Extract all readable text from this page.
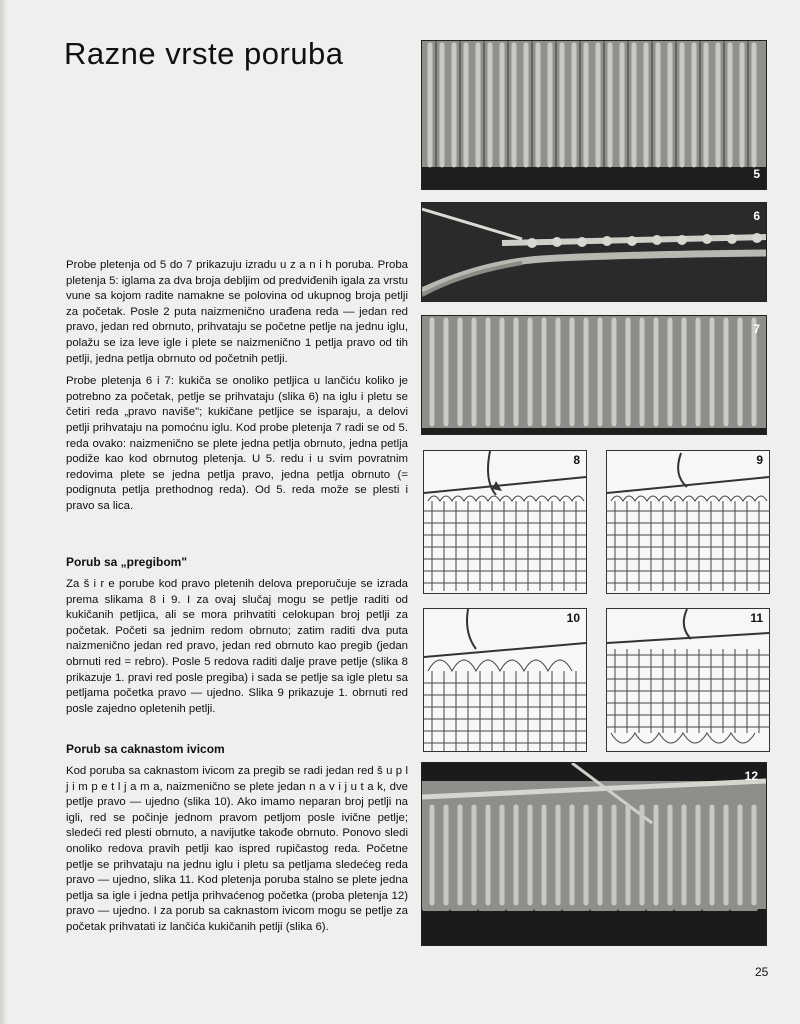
Razne vrste poruba

Probe pletenja od 5 do 7 prikazuju izradu u z a n i h poruba. Proba pletenja 5: iglama za dva broja debljim od predviđenih igala za vrstu vune sa kojom radite namakne se polovina od ukupnog broja petlji za početak. Posle 2 puta naizmenično urađena reda — jedan red pravo, jedan red obrnuto, prihvataju se početne petlje na jednu iglu, polažu se iza leve igle i plete se naizmenično 1 petlja pravo od tih petlji, jedna petlja obrnuto od početnih petlji.

Probe pletenja 6 i 7: kukiča se onoliko petljica u lančiću koliko je potrebno za početak, petlje se prihvataju (slika 6) na iglu i pletu se četiri reda „pravo naviše"; kukičane petljice se isparaju, a delovi petlji prihvataju na pomoćnu iglu. Kod probe pletenja 7 radi se od 5. reda ovako: naizmenično se plete jedna petlja obrnuto, jedna petlja podiže kao kod obrnutog pletenja. U 5. redu i u svim povratnim redovima plete se jedna petlja pravo, jedna petlja obrnuto (= podignuta petlja prethodnog reda). Od 5. reda može se plesti i pravo sa lica.

Porub sa „pregibom"

Za š i r e porube kod pravo pletenih delova preporučuje se izrada prema slikama 8 i 9. I za ovaj slučaj mogu se petlje raditi od kukičanih petljica, ali se mora prihvatiti celokupan broj petlji za početak. Početi sa jednim redom obrnuto; zatim raditi dva puta naizmenično jedan red pravo, jedan red obrnuto kao pregib (jedan obrnuti red = rebro). Posle 5 redova raditi dalje prave petlje (slika 8 prikazuje 1. pravi red posle pregiba) i sada se petlje sa igle pletu sa petljama početka pravo — ujedno. Slika 9 prikazuje 1. obrnuti red posle zajedno opletenih petlji.

Porub sa caknastom ivicom

Kod poruba sa caknastom ivicom za pregib se radi jedan red š u p l j i m p e t l j a m a, naizmenično se plete jedan n a v i j u t a k, dve petlje pravo — ujedno (slika 10). Ako imamo neparan broj petlji na igli, red se počinje jednom pravom petljom posle ivične petlje; sledeći red plesti obrnuto, a navijutke takođe obrnuto. Ponovo sledi onoliko redova pravih petlji kao ispred rupičastog reda. Početne petlje se prihvataju na jednu iglu i pletu sa petljama sledećeg reda pravo — ujedno, slika 11. Kod pletenja poruba stalno se plete jedna petlja sa igle i jedna petlja prihvaćenog početka (proba pletenja 12) pravo — ujedno. I za porub sa caknastom ivicom mogu se petlje za početak prihvatati iz lančića kukičanih petlji (slika 6).

25
5
6
7
8	9
10	11
12
